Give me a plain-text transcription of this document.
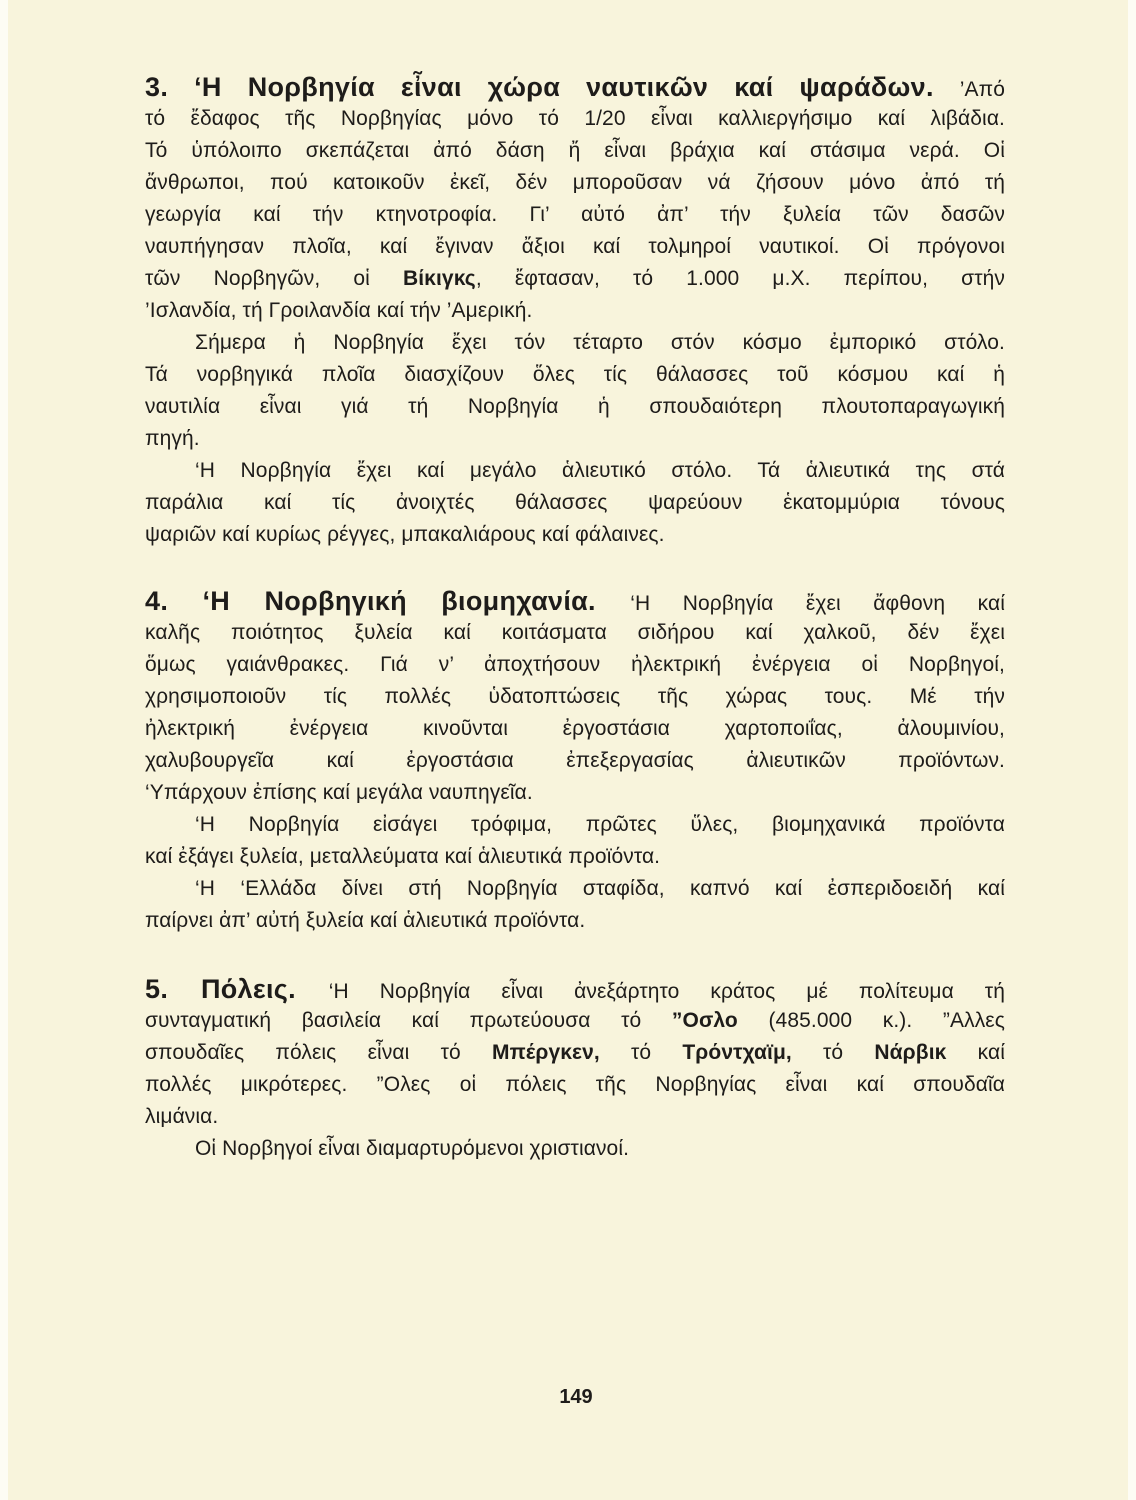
3. ‘Η Νορβηγία εἶναι χώρα ναυτικῶν καί ψαράδων. ’Από
τό ἔδαφος τῆς Νορβηγίας μόνο τό 1/20 εἶναι καλλιεργήσιμο καί λιβάδια.
Τό ὑπόλοιπο σκεπάζεται ἀπό δάση ἤ εἶναι βράχια καί στάσιμα νερά. Οἱ
ἄνθρωποι, πού κατοικοῦν ἐκεῖ, δέν μποροῦσαν νά ζήσουν μόνο ἀπό τή
γεωργία καί τήν κτηνοτροφία. Γι’ αὐτό ἀπ’ τήν ξυλεία τῶν δασῶν
ναυπήγησαν πλοῖα, καί ἔγιναν ἄξιοι καί τολμηροί ναυτικοί. Οἱ πρόγονοι
τῶν Νορβηγῶν, οἱ Βίκιγκς, ἔφτασαν, τό 1.000 μ.Χ. περίπου, στήν
’Ισλανδία, τή Γροιλανδία καί τήν ’Αμερική.
Σήμερα ἡ Νορβηγία ἔχει τόν τέταρτο στόν κόσμο ἐμπορικό στόλο.
Τά νορβηγικά πλοῖα διασχίζουν ὅλες τίς θάλασσες τοῦ κόσμου καί ἡ
ναυτιλία εἶναι γιά τή Νορβηγία ἡ σπουδαιότερη πλουτοπαραγωγική
πηγή.
‘Η Νορβηγία ἔχει καί μεγάλο ἁλιευτικό στόλο. Τά ἁλιευτικά της στά
παράλια καί τίς ἀνοιχτές θάλασσες ψαρεύουν ἑκατομμύρια τόνους
ψαριῶν καί κυρίως ρέγγες, μπακαλιάρους καί φάλαινες.
4. ‘Η Νορβηγική βιομηχανία. ‘Η Νορβηγία ἔχει ἄφθονη καί
καλῆς ποιότητος ξυλεία καί κοιτάσματα σιδήρου καί χαλκοῦ, δέν ἔχει
ὅμως γαιάνθρακες. Γιά ν’ ἀποχτήσουν ἠλεκτρική ἐνέργεια οἱ Νορβηγοί,
χρησιμοποιοῦν τίς πολλές ὑδατοπτώσεις τῆς χώρας τους. Μέ τήν
ἠλεκτρική ἐνέργεια κινοῦνται ἐργοστάσια χαρτοποιΐας, ἀλουμινίου,
χαλυβουργεῖα καί ἐργοστάσια ἐπεξεργασίας ἁλιευτικῶν προϊόντων.
‘Υπάρχουν ἐπίσης καί μεγάλα ναυπηγεῖα.
‘Η Νορβηγία εἰσάγει τρόφιμα, πρῶτες ὕλες, βιομηχανικά προϊόντα
καί ἐξάγει ξυλεία, μεταλλεύματα καί ἁλιευτικά προϊόντα.
‘Η ‘Ελλάδα δίνει στή Νορβηγία σταφίδα, καπνό καί ἐσπεριδοειδή καί
παίρνει ἀπ’ αὐτή ξυλεία καί ἁλιευτικά προϊόντα.
5. Πόλεις. ‘Η Νορβηγία εἶναι ἀνεξάρτητο κράτος μέ πολίτευμα τή
συνταγματική βασιλεία καί πρωτεύουσα τό ”Οσλο (485.000 κ.). ”Αλλες
σπουδαῖες πόλεις εἶναι τό Μπέργκεν, τό Τρόντχαϊμ, τό Νάρβικ καί
πολλές μικρότερες. ”Ολες οἱ πόλεις τῆς Νορβηγίας εἶναι καί σπουδαῖα
λιμάνια.
Οἱ Νορβηγοί εἶναι διαμαρτυρόμενοι χριστιανοί.
149
